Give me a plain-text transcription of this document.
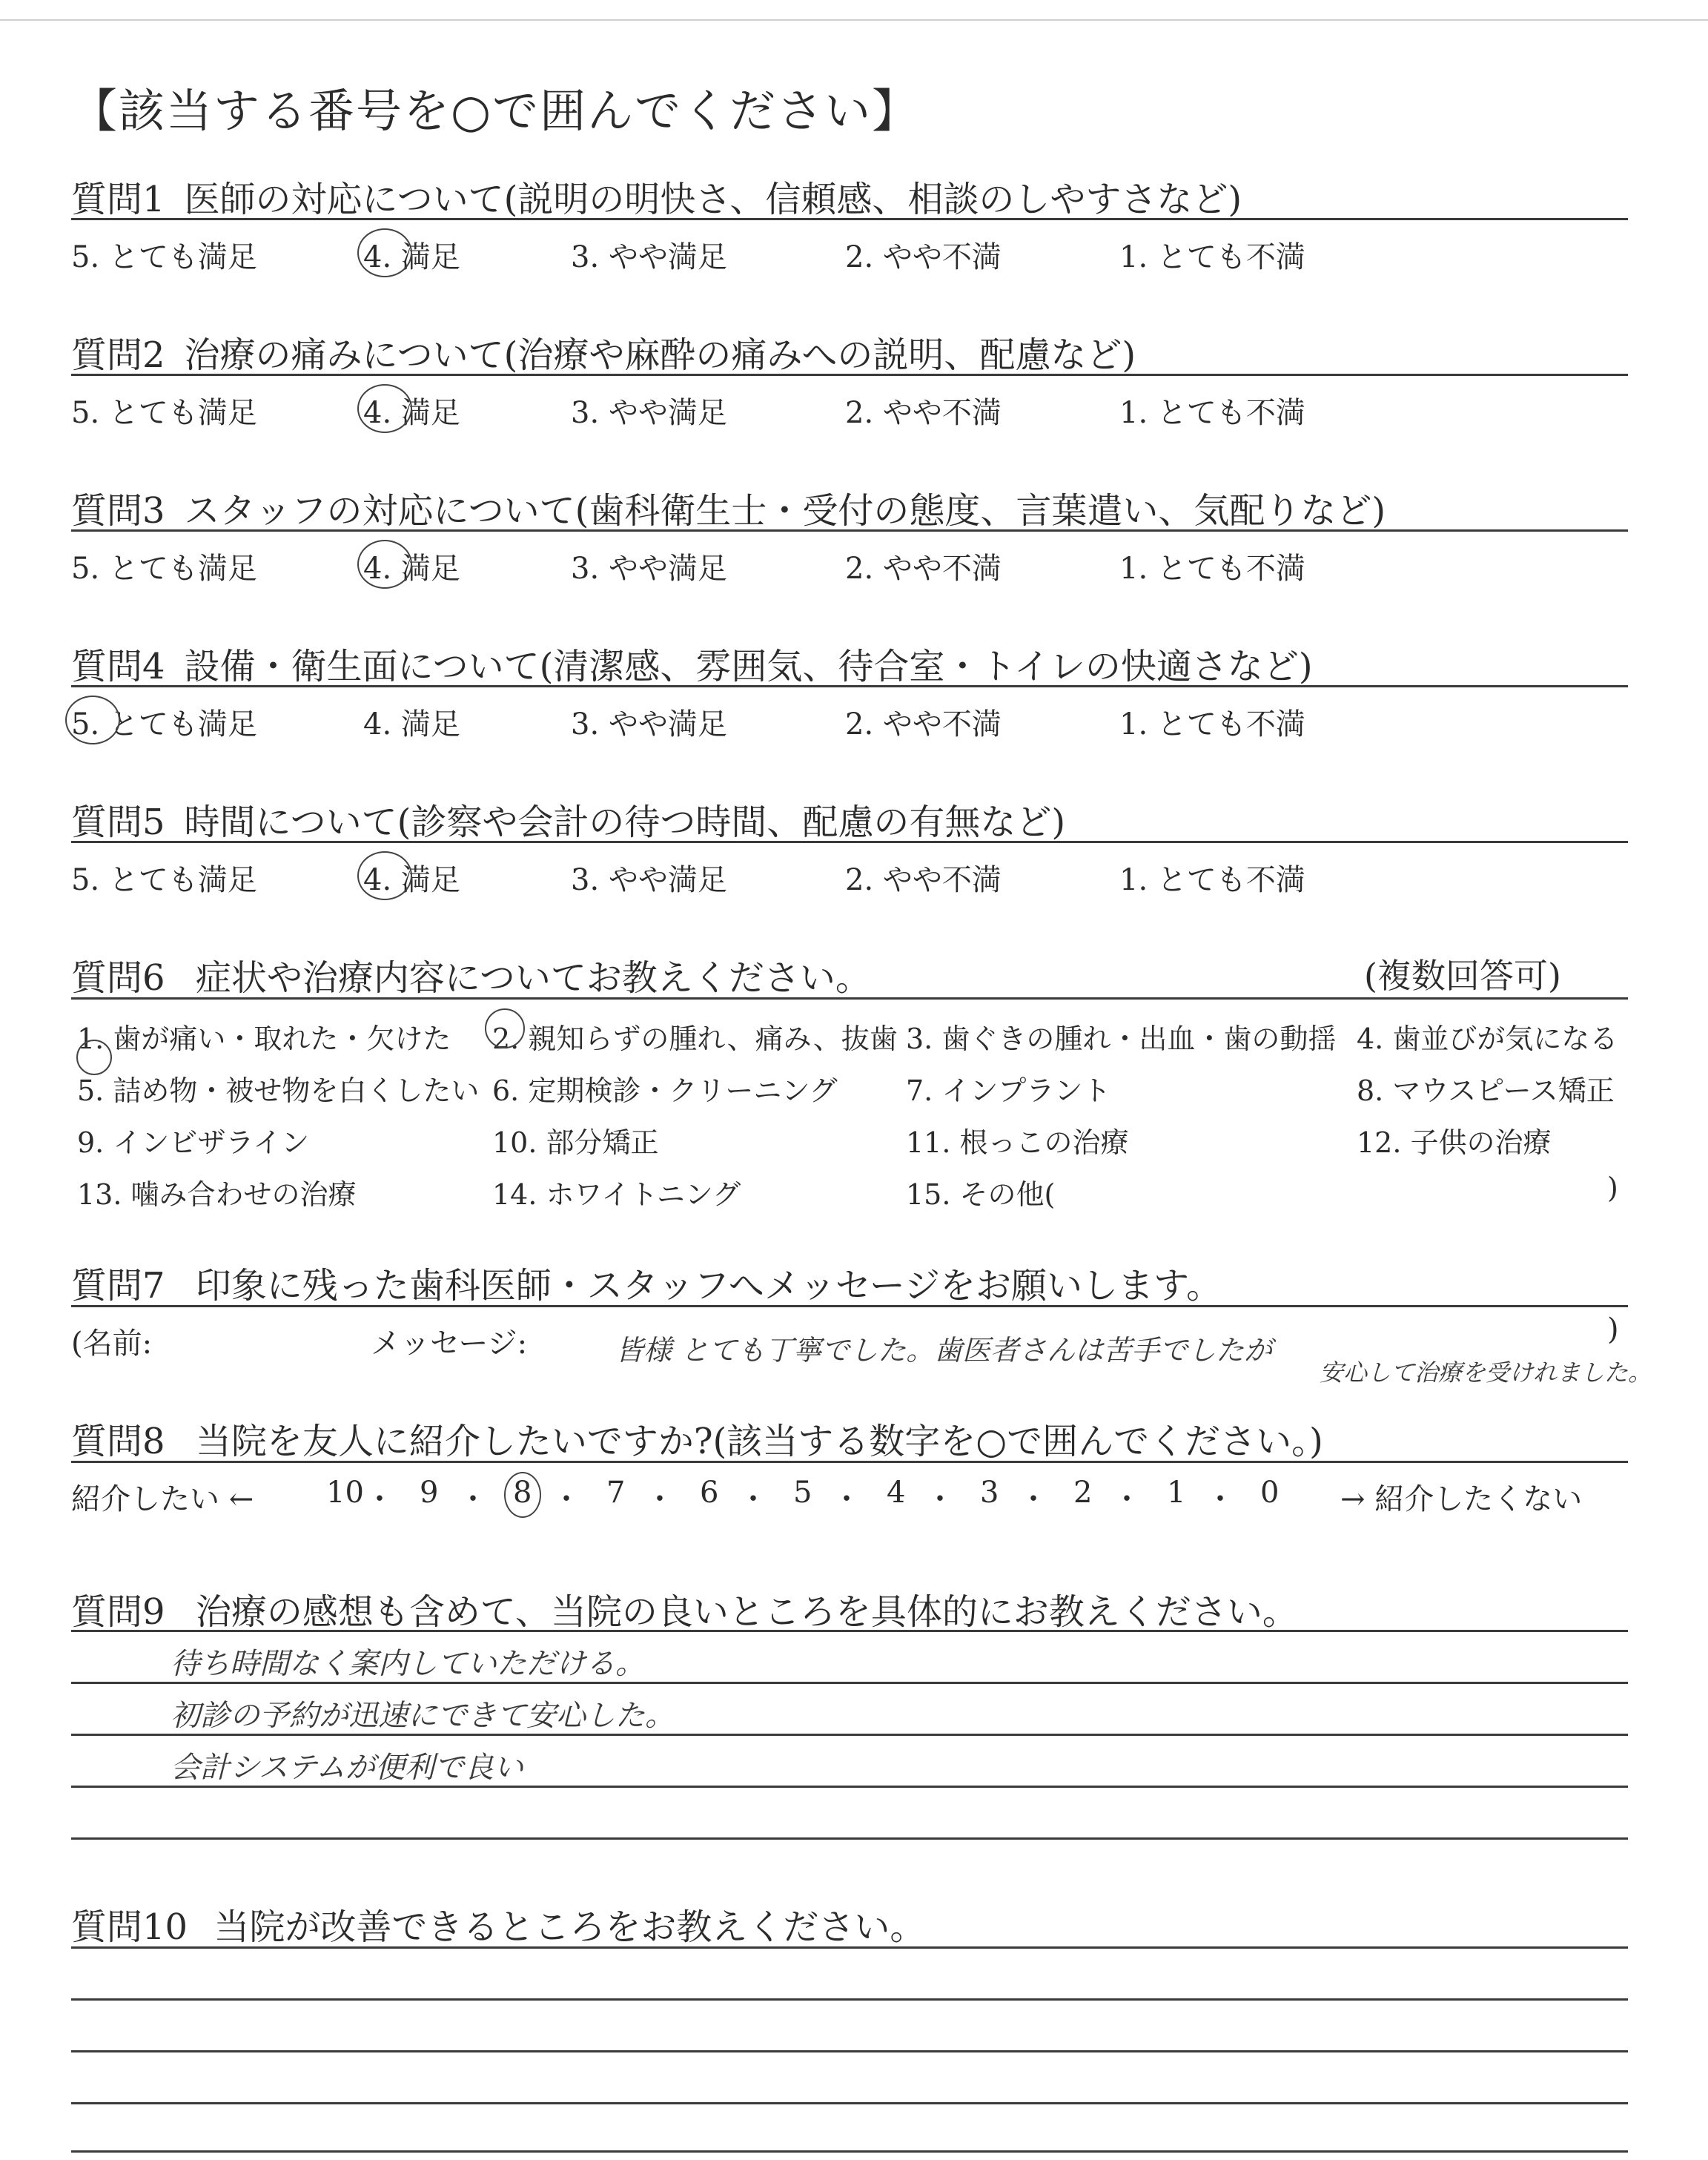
【該当する番号を○で囲んでください】
質問1 医師の対応について(説明の明快さ、信頼感、相談のしやすさなど)
5. とても満足	4. 満足	3. やや満足	2. やや不満	1. とても不満
質問2 治療の痛みについて(治療や麻酔の痛みへの説明、配慮など)
5. とても満足	4. 満足	3. やや満足	2. やや不満	1. とても不満
質問3 スタッフの対応について(歯科衛生士・受付の態度、言葉遣い、気配りなど)
5. とても満足	4. 満足	3. やや満足	2. やや不満	1. とても不満
質問4 設備・衛生面について(清潔感、雰囲気、待合室・トイレの快適さなど)
5. とても満足	4. 満足	3. やや満足	2. やや不満	1. とても不満
質問5 時間について(診察や会計の待つ時間、配慮の有無など)
5. とても満足	4. 満足	3. やや満足	2. やや不満	1. とても不満
質問6 症状や治療内容についてお教えください。	(複数回答可)
1. 歯が痛い・取れた・欠けた 2. 親知らずの腫れ、痛み、抜歯 3. 歯ぐきの腫れ・出血・歯の動揺 4. 歯並びが気になる
5. 詰め物・被せ物を白くしたい 6. 定期検診・クリーニング 7. インプラント	8. マウスピース矯正
9. インビザライン	10. 部分矯正	11. 根っこの治療	12. 子供の治療
13. 噛み合わせの治療	14. ホワイトニング	15. その他(	)
質問7 印象に残った歯科医師・スタッフへメッセージをお願いします。
(名前:	メッセージ:	皆様 とても丁寧でした。歯医者さんは苦手でしたが
安心して治療を受けれました。
)
質問8 当院を友人に紹介したいですか?(該当する数字を○で囲んでください。)
紹介したい ←	→ 紹介したくない
10 ・ 9 ・ 8 ・ 7 ・ 6 ・ 5 ・ 4 ・ 3 ・ 2 ・ 1 ・ 0
質問9 治療の感想も含めて、当院の良いところを具体的にお教えください。
待ち時間なく案内していただける。
初診の予約が迅速にできて安心した。
会計システムが便利で良い
質問10 当院が改善できるところをお教えください。
